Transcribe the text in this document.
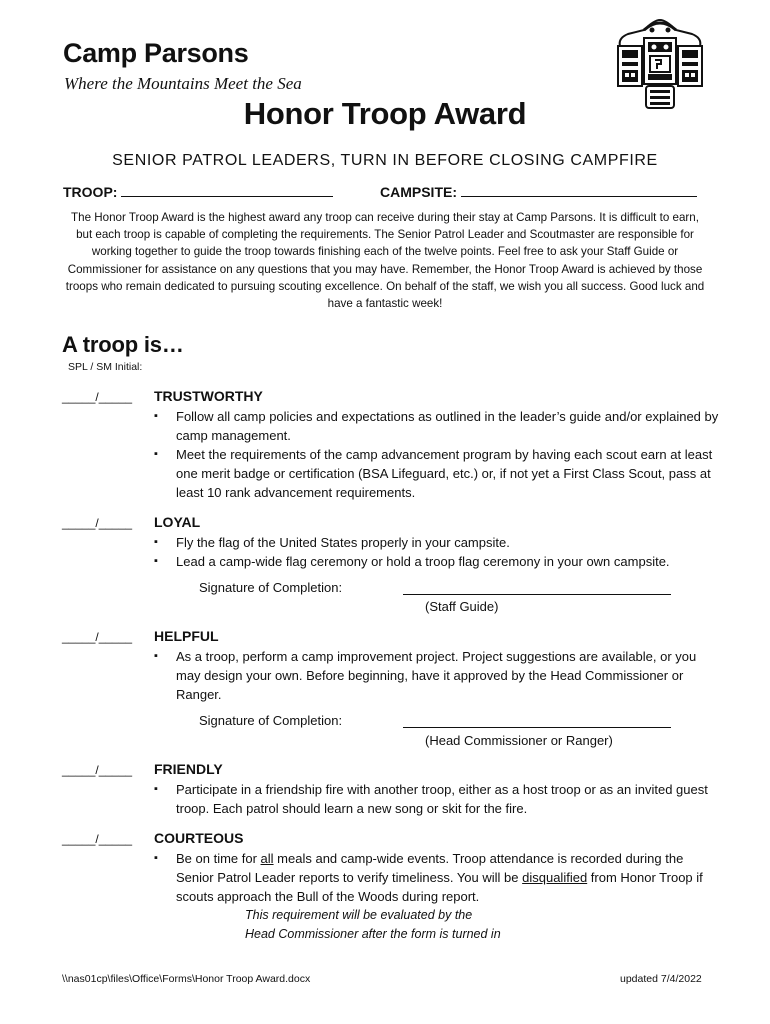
Camp Parsons
Where the Mountains Meet the Sea
Honor Troop Award
SENIOR PATROL LEADERS, TURN IN BEFORE CLOSING CAMPFIRE
TROOP:	CAMPSITE:
The Honor Troop Award is the highest award any troop can receive during their stay at Camp Parsons. It is difficult to earn, but each troop is capable of completing the requirements. The Senior Patrol Leader and Scoutmaster are responsible for working together to guide the troop towards finishing each of the twelve points. Feel free to ask your Staff Guide or Commissioner for assistance on any questions that you may have. Remember, the Honor Troop Award is achieved by those troops who remain dedicated to pursuing scouting excellence. On behalf of the staff, we wish you all success. Good luck and have a fantastic week!
A troop is…
SPL / SM Initial:
_____/_____ TRUSTWORTHY
▪ Follow all camp policies and expectations as outlined in the leader’s guide and/or explained by camp management.
▪ Meet the requirements of the camp advancement program by having each scout earn at least one merit badge or certification (BSA Lifeguard, etc.) or, if not yet a First Class Scout, pass at least 10 rank advancement requirements.
_____/_____ LOYAL
▪ Fly the flag of the United States properly in your campsite.
▪ Lead a camp-wide flag ceremony or hold a troop flag ceremony in your own campsite.
Signature of Completion:
(Staff Guide)
_____/_____ HELPFUL
▪ As a troop, perform a camp improvement project. Project suggestions are available, or you may design your own. Before beginning, have it approved by the Head Commissioner or Ranger.
Signature of Completion:
(Head Commissioner or Ranger)
_____/_____ FRIENDLY
▪ Participate in a friendship fire with another troop, either as a host troop or as an invited guest troop. Each patrol should learn a new song or skit for the fire.
_____/_____ COURTEOUS
▪ Be on time for all meals and camp-wide events. Troop attendance is recorded during the Senior Patrol Leader reports to verify timeliness. You will be disqualified from Honor Troop if scouts approach the Bull of the Woods during report.
This requirement will be evaluated by the
Head Commissioner after the form is turned in
\\nas01cp\files\Office\Forms\Honor Troop Award.docx	updated 7/4/2022
